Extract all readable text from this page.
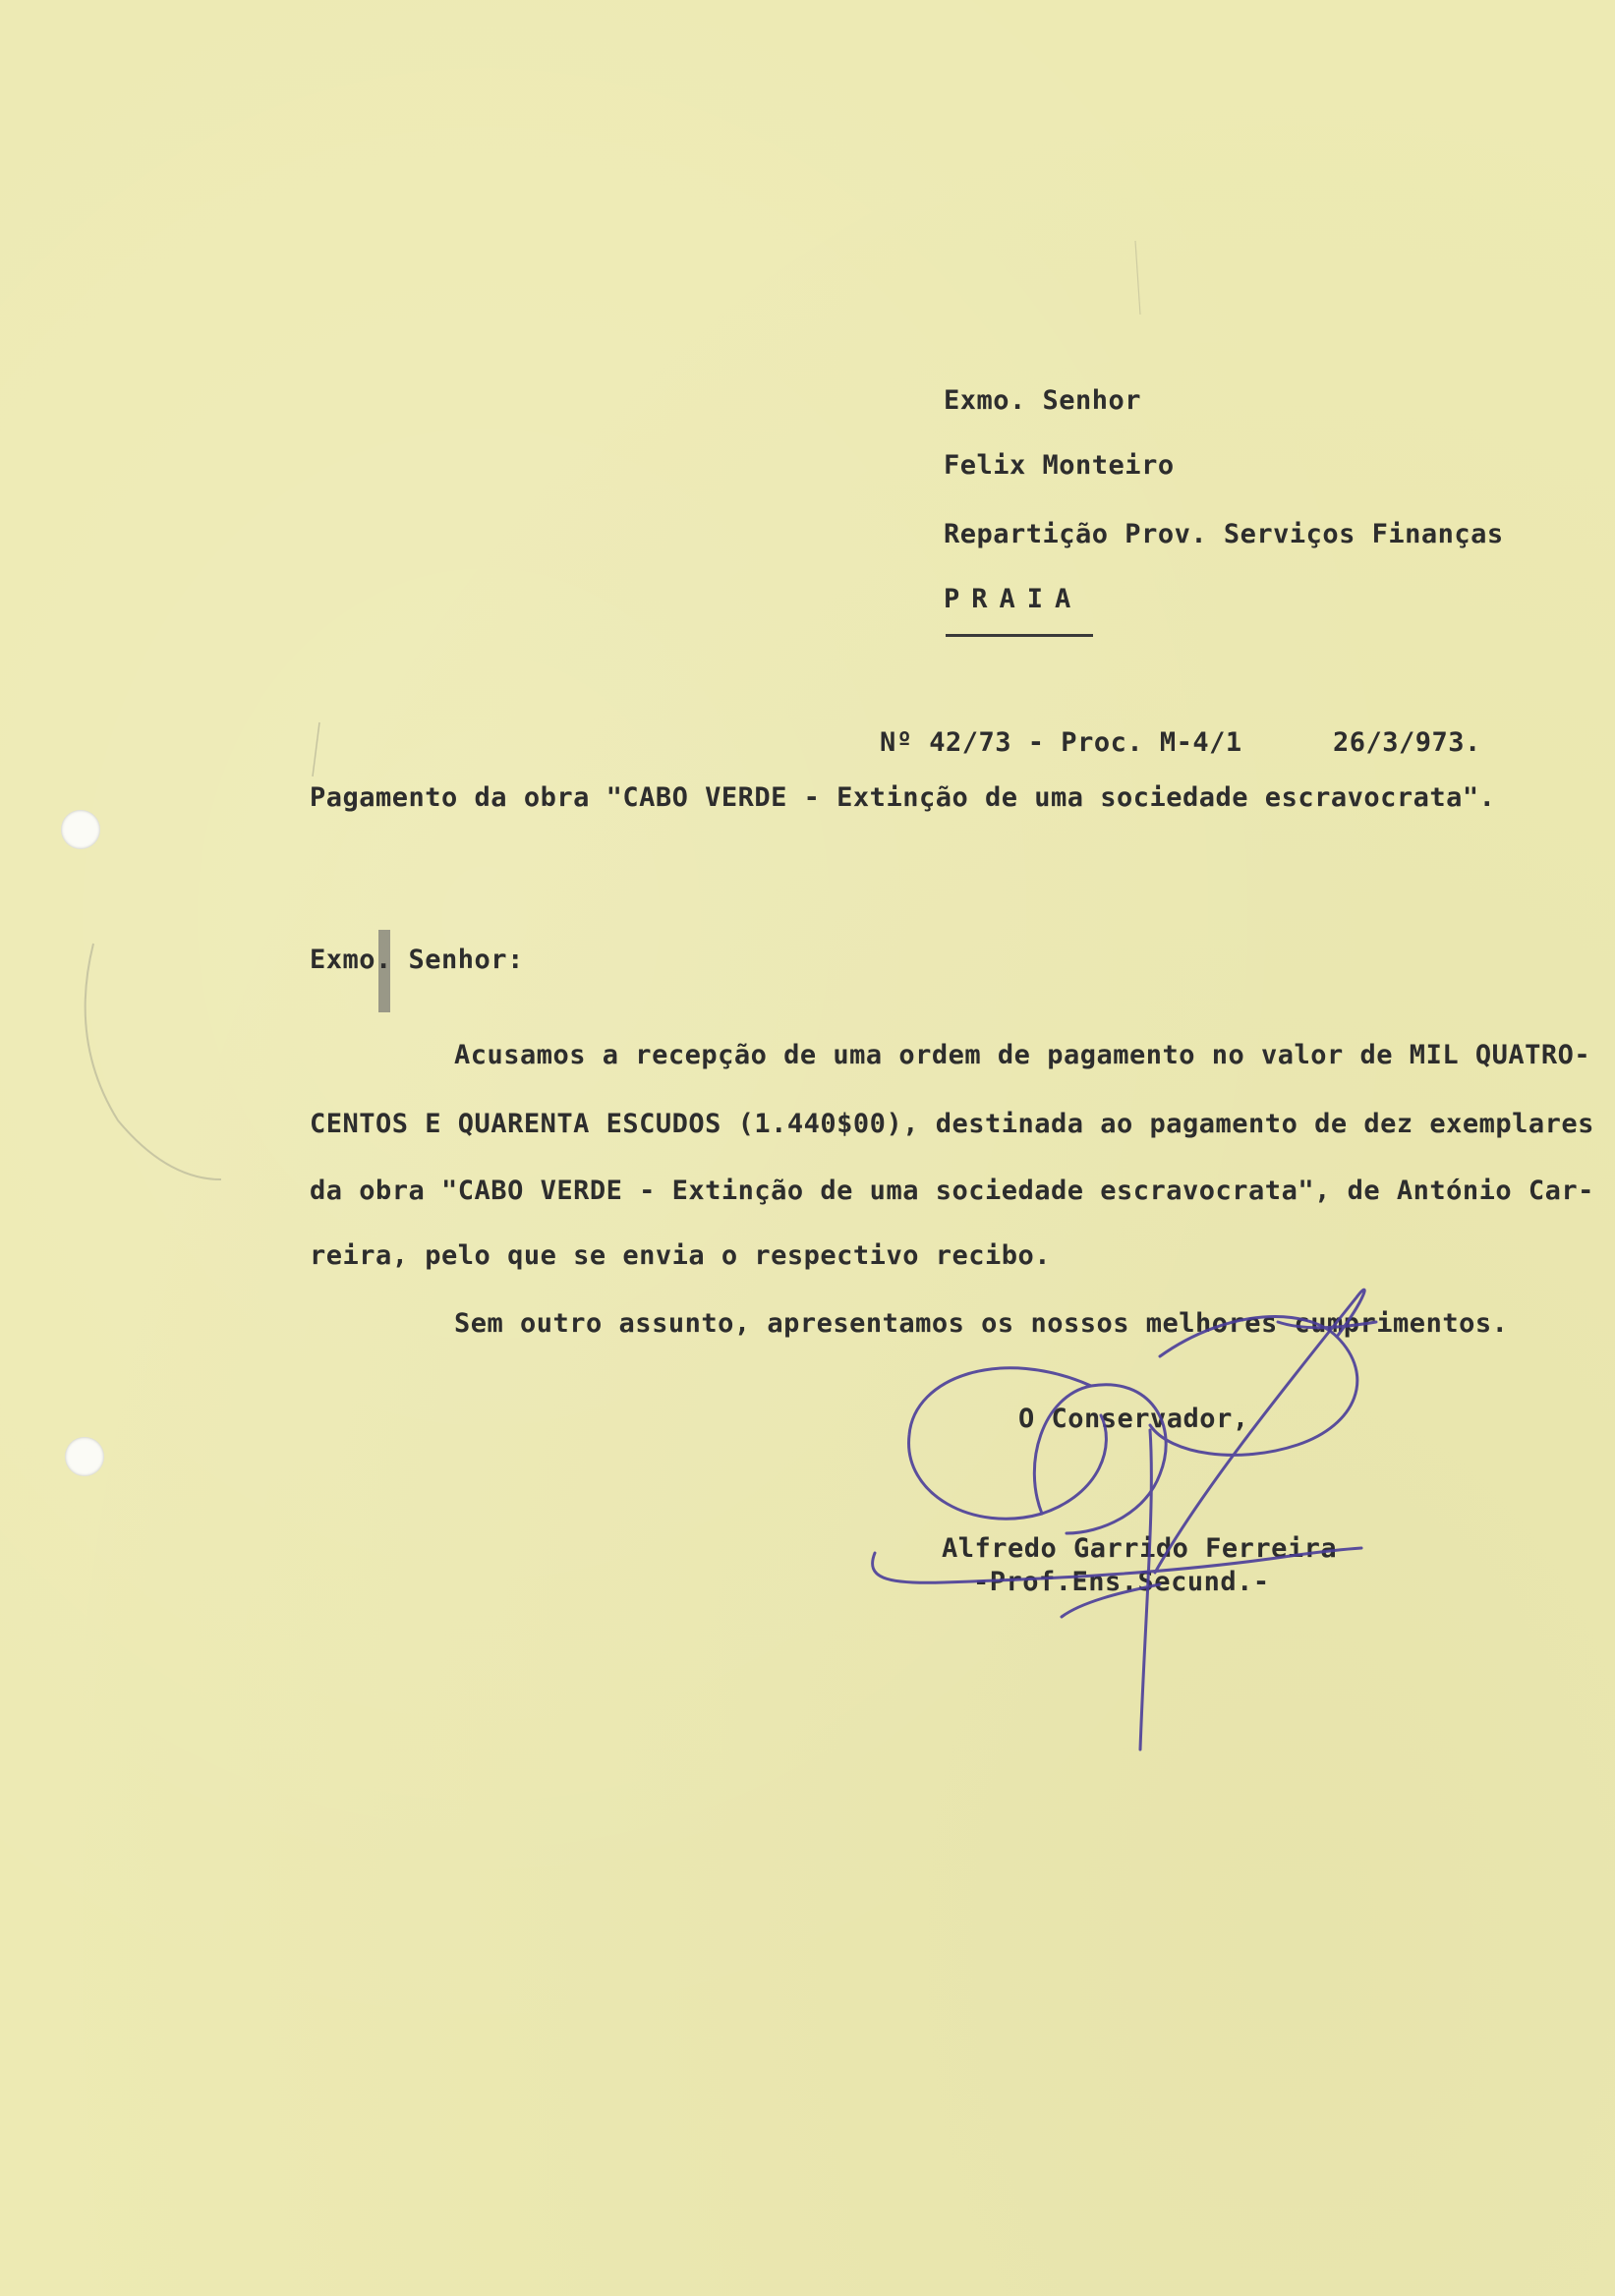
Exmo. Senhor
Felix Monteiro
Repartição Prov. Serviços Finanças
PRAIA
Nº 42/73 - Proc. M-4/1	26/3/973.
Pagamento da obra "CABO VERDE - Extinção de uma sociedade escravocrata".
Exmo. Senhor:
Acusamos a recepção de uma ordem de pagamento no valor de MIL QUATRO-
CENTOS E QUARENTA ESCUDOS (1.440$00), destinada ao pagamento de dez exemplares
da obra "CABO VERDE - Extinção de uma sociedade escravocrata", de António Car-
reira, pelo que se envia o respectivo recibo.
Sem outro assunto, apresentamos os nossos melhores cumprimentos.
O Conservador,
Alfredo Garrido Ferreira
-Prof.Ens.Secund.-
